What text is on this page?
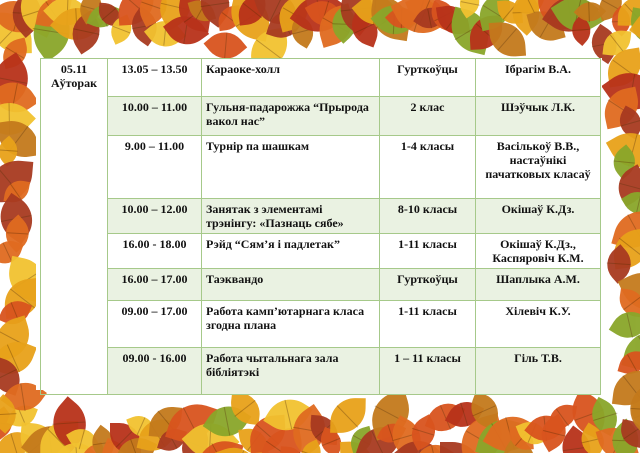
05.11
Аўторак	13.05 – 13.50	Караоке-холл	Гурткоўцы	Ібрагім В.А.
	10.00 – 11.00	Гульня-падарожжа “Прырода вакол нас”	2 клас	Шэўчык Л.К.
	9.00 – 11.00	Турнір па шашкам	1-4 класы	Васількоў В.В., настаўнікі пачатковых класаў
	10.00 – 12.00	Занятак з элементамі трэнінгу: «Пазнаць сябе»	8-10 класы	Окішаў К.Дз.
	16.00 - 18.00	Рэйд “Сям’я і падлетак”	1-11 класы	Окішаў К.Дз., Каспяровіч К.М.
	16.00 – 17.00	Таэквандо	Гурткоўцы	Шаплыка А.М.
	09.00 – 17.00	Работа камп’ютарнага класа згодна плана	1-11 класы	Хілевіч К.У.
	09.00 - 16.00	Работа чытальнага зала бібліятэкі	1 – 11 класы	Гіль Т.В.
